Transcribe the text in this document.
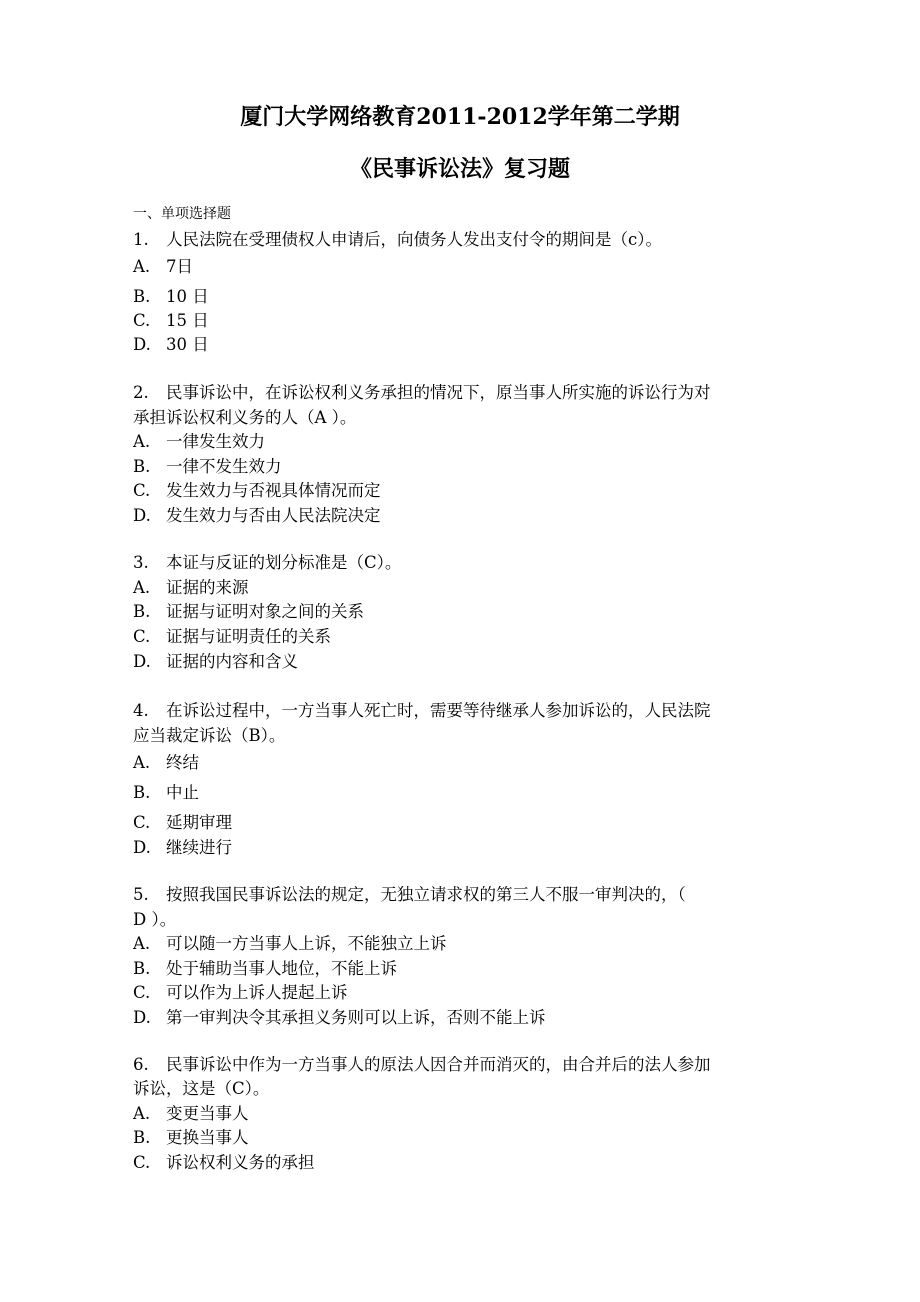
厦门大学网络教育2011-2012学年第二学期
《民事诉讼法》复习题
一、单项选择题
1. 人民法院在受理债权人申请后，向债务人发出支付令的期间是（c）。
A. 7日
B. 10 日
C. 15 日
D. 30 日
2. 民事诉讼中，在诉讼权利义务承担的情况下，原当事人所实施的诉讼行为对
承担诉讼权利义务的人（A ）。
A. 一律发生效力
B. 一律不发生效力
C. 发生效力与否视具体情况而定
D. 发生效力与否由人民法院决定
3. 本证与反证的划分标准是（C）。
A. 证据的来源
B. 证据与证明对象之间的关系
C. 证据与证明责任的关系
D. 证据的内容和含义
4. 在诉讼过程中，一方当事人死亡时，需要等待继承人参加诉讼的，人民法院
应当裁定诉讼（B）。
A. 终结
B. 中止
C. 延期审理
D. 继续进行
5. 按照我国民事诉讼法的规定，无独立请求权的第三人不服一审判决的，（
D ）。
A. 可以随一方当事人上诉，不能独立上诉
B. 处于辅助当事人地位，不能上诉
C. 可以作为上诉人提起上诉
D. 第一审判决令其承担义务则可以上诉，否则不能上诉
6. 民事诉讼中作为一方当事人的原法人因合并而消灭的，由合并后的法人参加
诉讼，这是（C）。
A. 变更当事人
B. 更换当事人
C. 诉讼权利义务的承担
